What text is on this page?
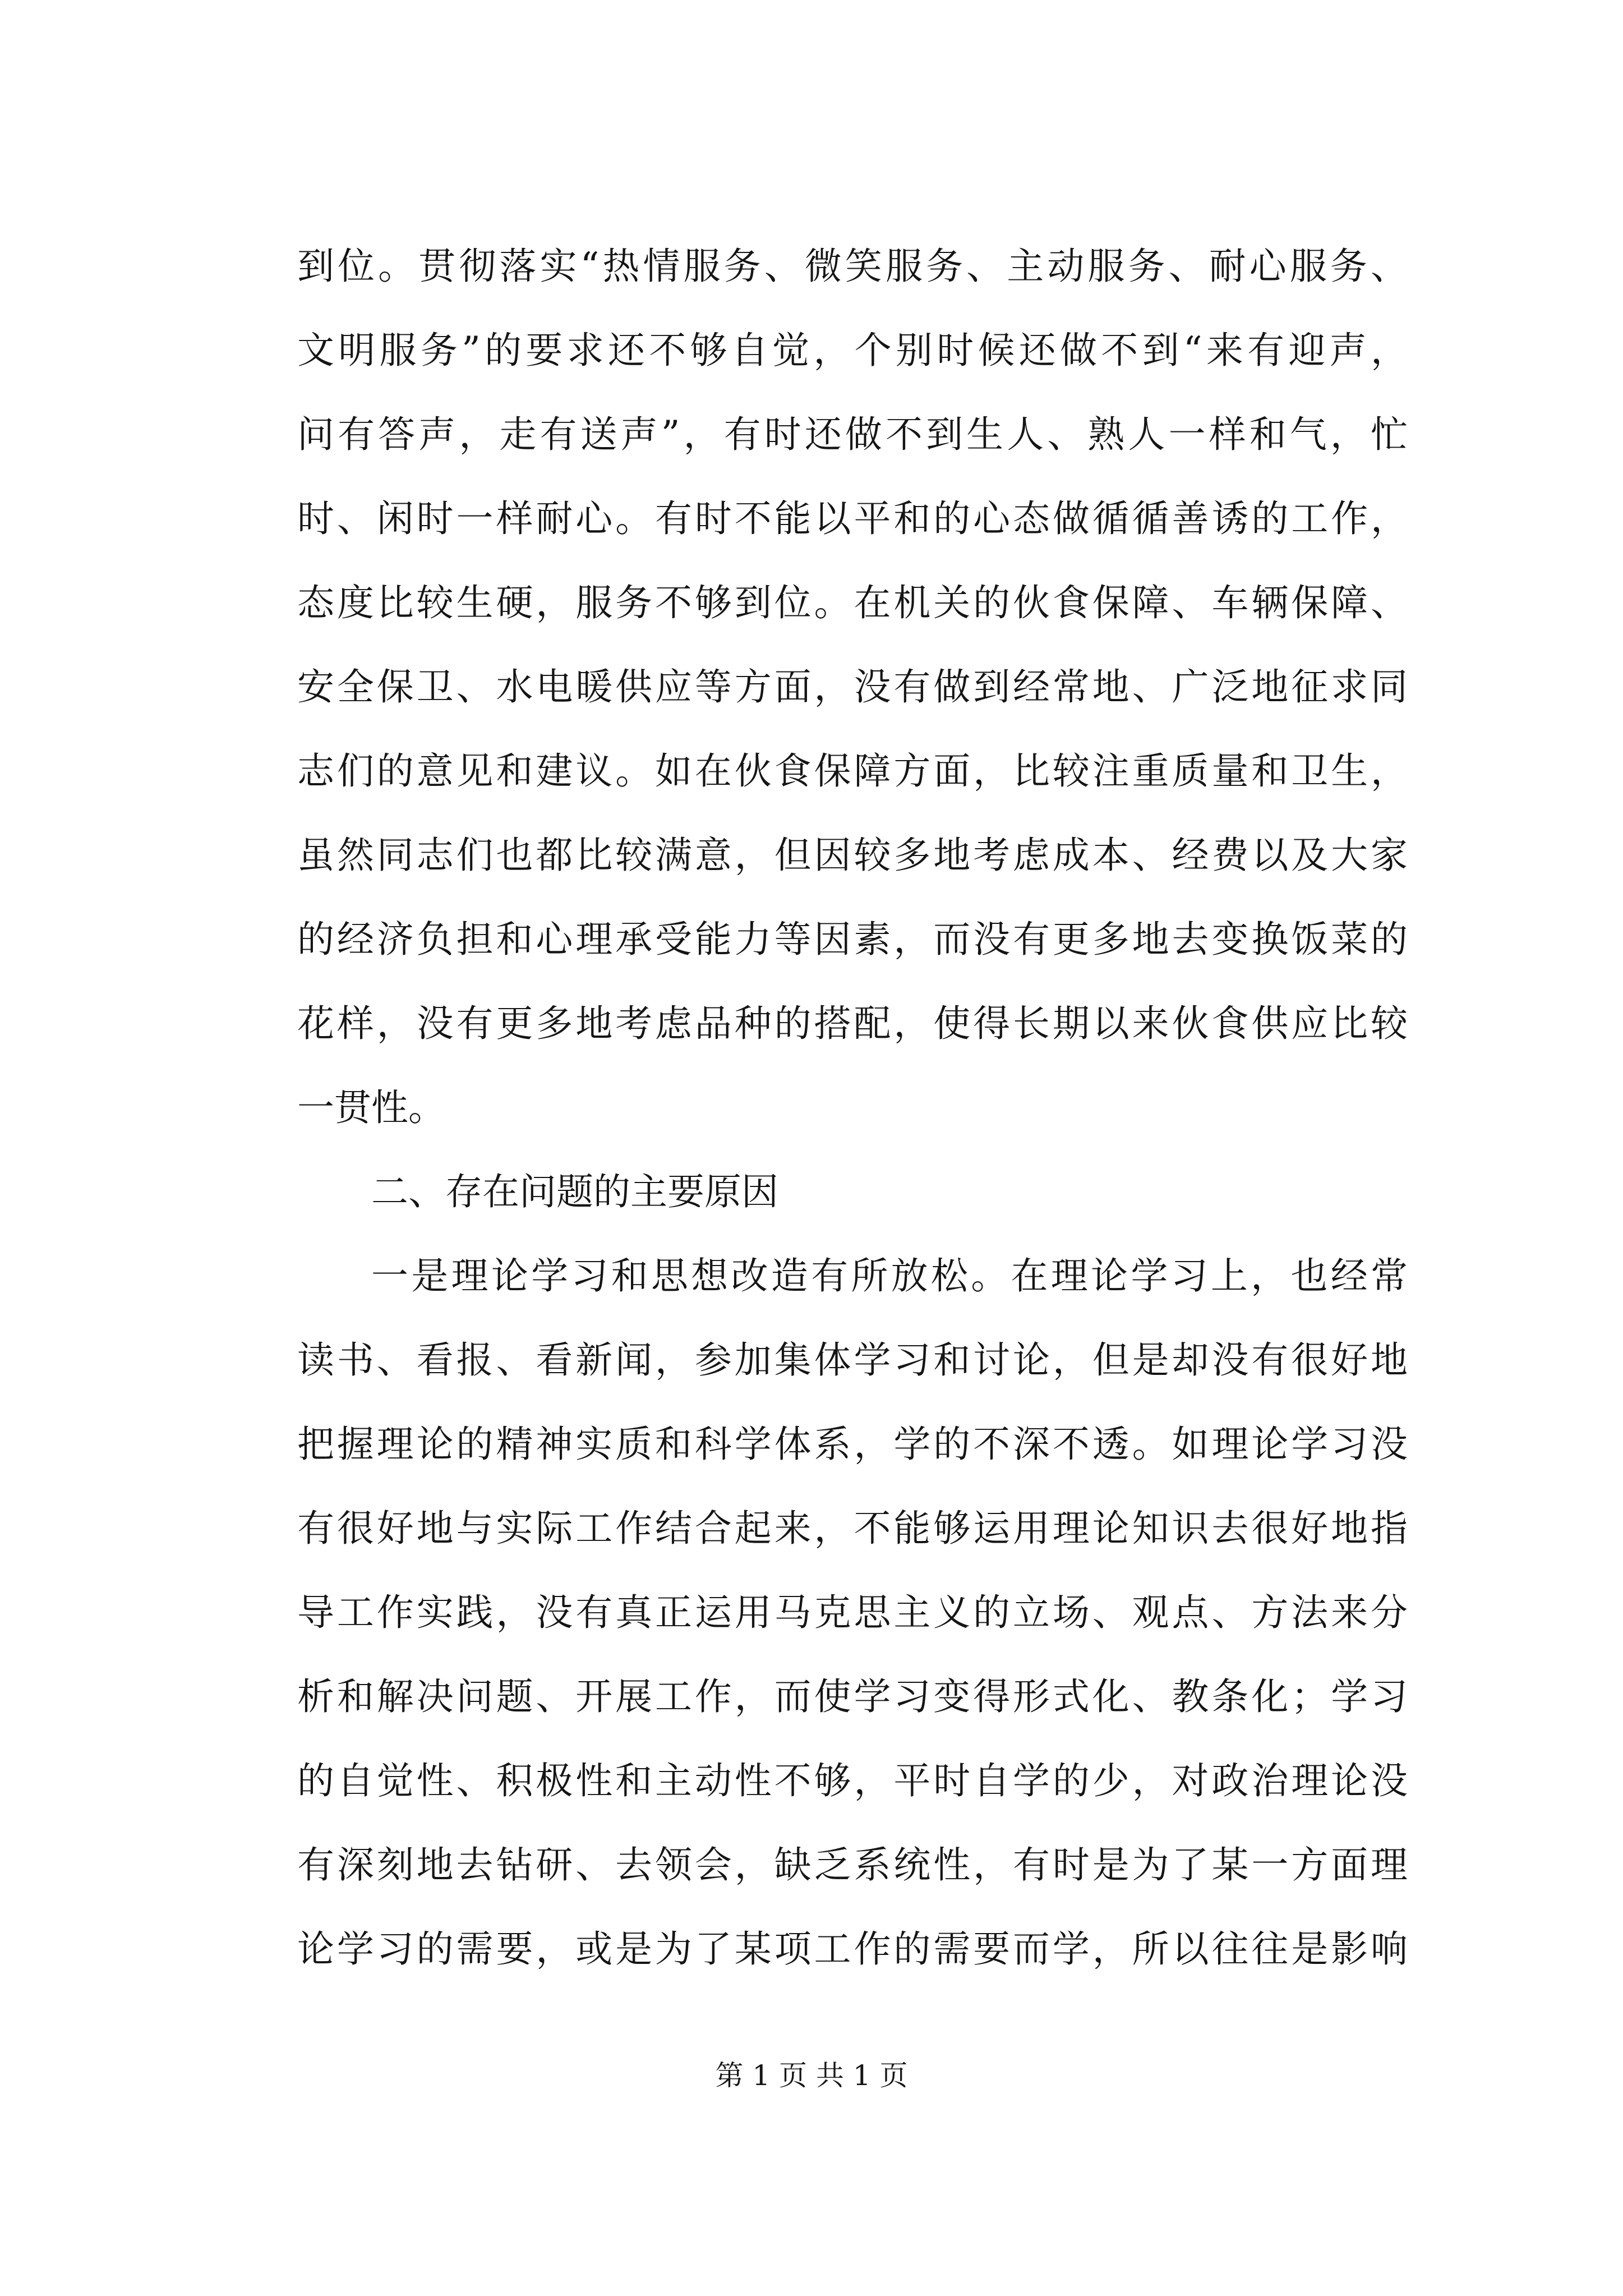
到位。贯彻落实“热情服务、微笑服务、主动服务、耐心服务、
文明服务”的要求还不够自觉，个别时候还做不到“来有迎声，
问有答声，走有送声”，有时还做不到生人、熟人一样和气，忙
时、闲时一样耐心。有时不能以平和的心态做循循善诱的工作，
态度比较生硬，服务不够到位。在机关的伙食保障、车辆保障、
安全保卫、水电暖供应等方面，没有做到经常地、广泛地征求同
志们的意见和建议。如在伙食保障方面，比较注重质量和卫生，
虽然同志们也都比较满意，但因较多地考虑成本、经费以及大家
的经济负担和心理承受能力等因素，而没有更多地去变换饭菜的
花样，没有更多地考虑品种的搭配，使得长期以来伙食供应比较
一贯性。
二、存在问题的主要原因
一是理论学习和思想改造有所放松。在理论学习上，也经常
读书、看报、看新闻，参加集体学习和讨论，但是却没有很好地
把握理论的精神实质和科学体系，学的不深不透。如理论学习没
有很好地与实际工作结合起来，不能够运用理论知识去很好地指
导工作实践，没有真正运用马克思主义的立场、观点、方法来分
析和解决问题、开展工作，而使学习变得形式化、教条化；学习
的自觉性、积极性和主动性不够，平时自学的少，对政治理论没
有深刻地去钻研、去领会，缺乏系统性，有时是为了某一方面理
论学习的需要，或是为了某项工作的需要而学，所以往往是影响
第 1 页 共 1 页
